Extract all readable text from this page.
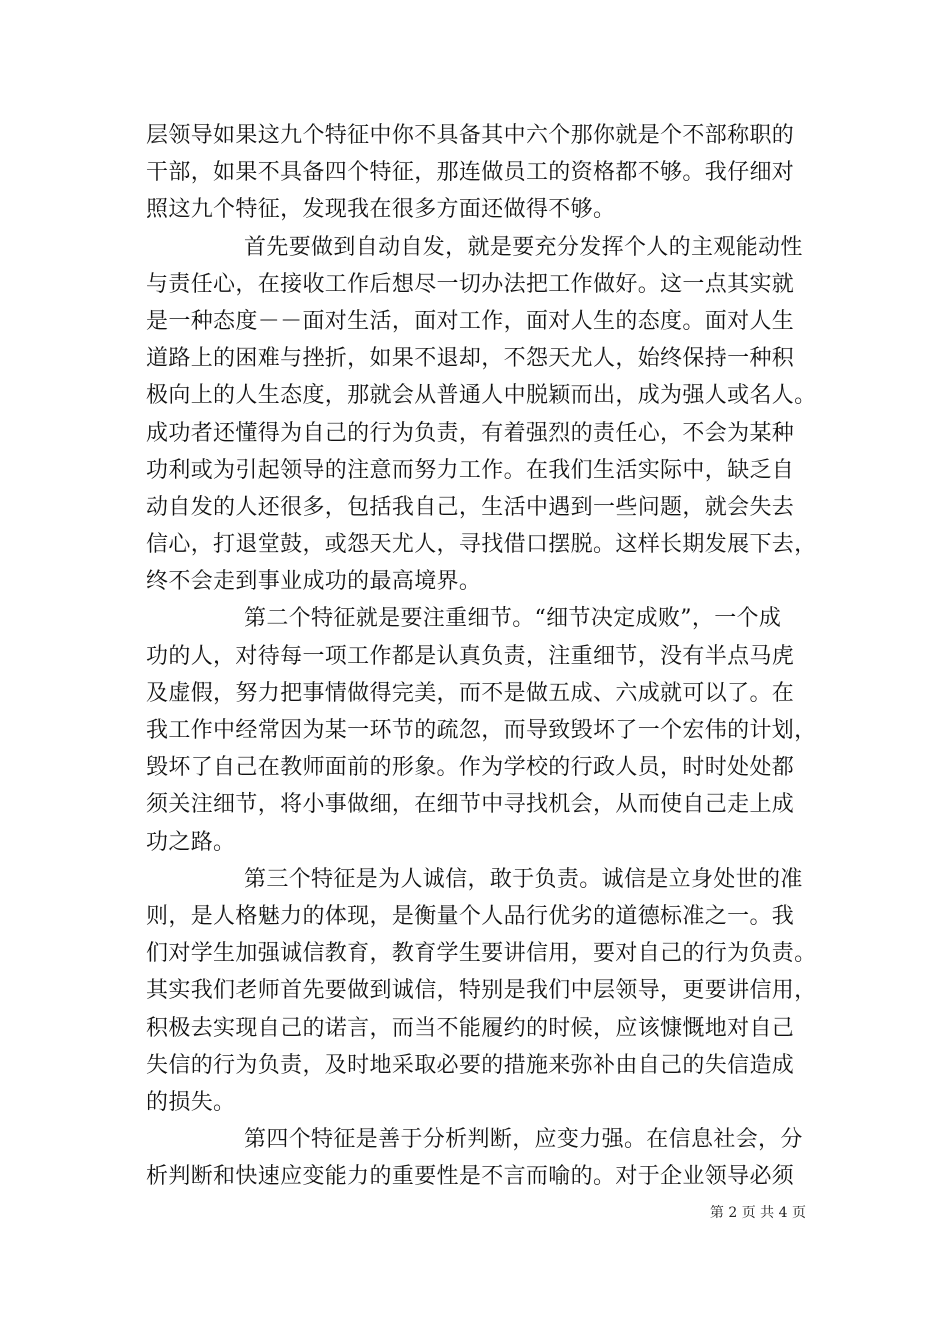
层领导如果这九个特征中你不具备其中六个那你就是个不部称职的
干部，如果不具备四个特征，那连做员工的资格都不够。我仔细对
照这九个特征，发现我在很多方面还做得不够。
首先要做到自动自发，就是要充分发挥个人的主观能动性
与责任心，在接收工作后想尽一切办法把工作做好。这一点其实就
是一种态度－－面对生活，面对工作，面对人生的态度。面对人生
道路上的困难与挫折，如果不退却，不怨天尤人，始终保持一种积
极向上的人生态度，那就会从普通人中脱颖而出，成为强人或名人。
成功者还懂得为自己的行为负责，有着强烈的责任心，不会为某种
功利或为引起领导的注意而努力工作。在我们生活实际中，缺乏自
动自发的人还很多，包括我自己，生活中遇到一些问题，就会失去
信心，打退堂鼓，或怨天尤人，寻找借口摆脱。这样长期发展下去，
终不会走到事业成功的最高境界。
第二个特征就是要注重细节。“细节决定成败”，一个成
功的人，对待每一项工作都是认真负责，注重细节，没有半点马虎
及虚假，努力把事情做得完美，而不是做五成、六成就可以了。在
我工作中经常因为某一环节的疏忽，而导致毁坏了一个宏伟的计划，
毁坏了自己在教师面前的形象。作为学校的行政人员，时时处处都
须关注细节，将小事做细，在细节中寻找机会，从而使自己走上成
功之路。
第三个特征是为人诚信，敢于负责。诚信是立身处世的准
则，是人格魅力的体现，是衡量个人品行优劣的道德标准之一。我
们对学生加强诚信教育，教育学生要讲信用，要对自己的行为负责。
其实我们老师首先要做到诚信，特别是我们中层领导，更要讲信用，
积极去实现自己的诺言，而当不能履约的时候，应该慷慨地对自己
失信的行为负责，及时地采取必要的措施来弥补由自己的失信造成
的损失。
第四个特征是善于分析判断，应变力强。在信息社会，分
析判断和快速应变能力的重要性是不言而喻的。对于企业领导必须
第 2 页 共 4 页
